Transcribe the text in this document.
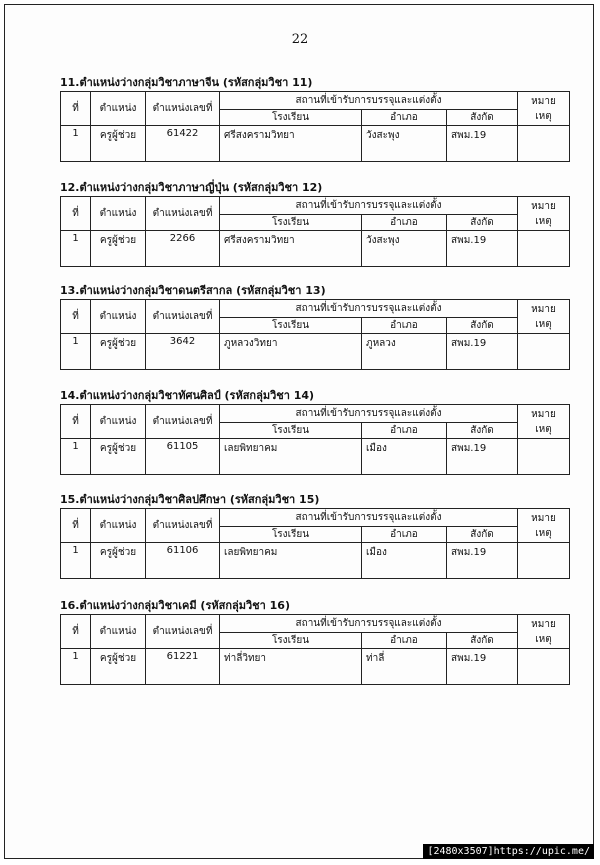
22
11.ตำแหน่งว่างกลุ่มวิชาภาษาจีน (รหัสกลุ่มวิชา 11)
ที่	ตำแหน่ง	ตำแหน่งเลขที่	สถานที่เข้ารับการบรรจุและแต่งตั้ง			หมาย
เหตุ
			โรงเรียน	อำเภอ	สังกัด	
1	ครูผู้ช่วย	61422	ศรีสงครามวิทยา	วังสะพุง	สพม.19	
12.ตำแหน่งว่างกลุ่มวิชาภาษาญี่ปุ่น (รหัสกลุ่มวิชา 12)
ที่	ตำแหน่ง	ตำแหน่งเลขที่	สถานที่เข้ารับการบรรจุและแต่งตั้ง			หมาย
เหตุ
			โรงเรียน	อำเภอ	สังกัด	
1	ครูผู้ช่วย	2266	ศรีสงครามวิทยา	วังสะพุง	สพม.19	
13.ตำแหน่งว่างกลุ่มวิชาดนตรีสากล (รหัสกลุ่มวิชา 13)
ที่	ตำแหน่ง	ตำแหน่งเลขที่	สถานที่เข้ารับการบรรจุและแต่งตั้ง			หมาย
เหตุ
			โรงเรียน	อำเภอ	สังกัด	
1	ครูผู้ช่วย	3642	ภูหลวงวิทยา	ภูหลวง	สพม.19	
14.ตำแหน่งว่างกลุ่มวิชาทัศนศิลป์ (รหัสกลุ่มวิชา 14)
ที่	ตำแหน่ง	ตำแหน่งเลขที่	สถานที่เข้ารับการบรรจุและแต่งตั้ง			หมาย
เหตุ
			โรงเรียน	อำเภอ	สังกัด	
1	ครูผู้ช่วย	61105	เลยพิทยาคม	เมือง	สพม.19	
15.ตำแหน่งว่างกลุ่มวิชาศิลปศึกษา (รหัสกลุ่มวิชา 15)
ที่	ตำแหน่ง	ตำแหน่งเลขที่	สถานที่เข้ารับการบรรจุและแต่งตั้ง			หมาย
เหตุ
			โรงเรียน	อำเภอ	สังกัด	
1	ครูผู้ช่วย	61106	เลยพิทยาคม	เมือง	สพม.19	
16.ตำแหน่งว่างกลุ่มวิชาเคมี (รหัสกลุ่มวิชา 16)
ที่	ตำแหน่ง	ตำแหน่งเลขที่	สถานที่เข้ารับการบรรจุและแต่งตั้ง			หมาย
เหตุ
			โรงเรียน	อำเภอ	สังกัด	
1	ครูผู้ช่วย	61221	ท่าลี่วิทยา	ท่าลี่	สพม.19	
[2480x3507]https://upic.me/
